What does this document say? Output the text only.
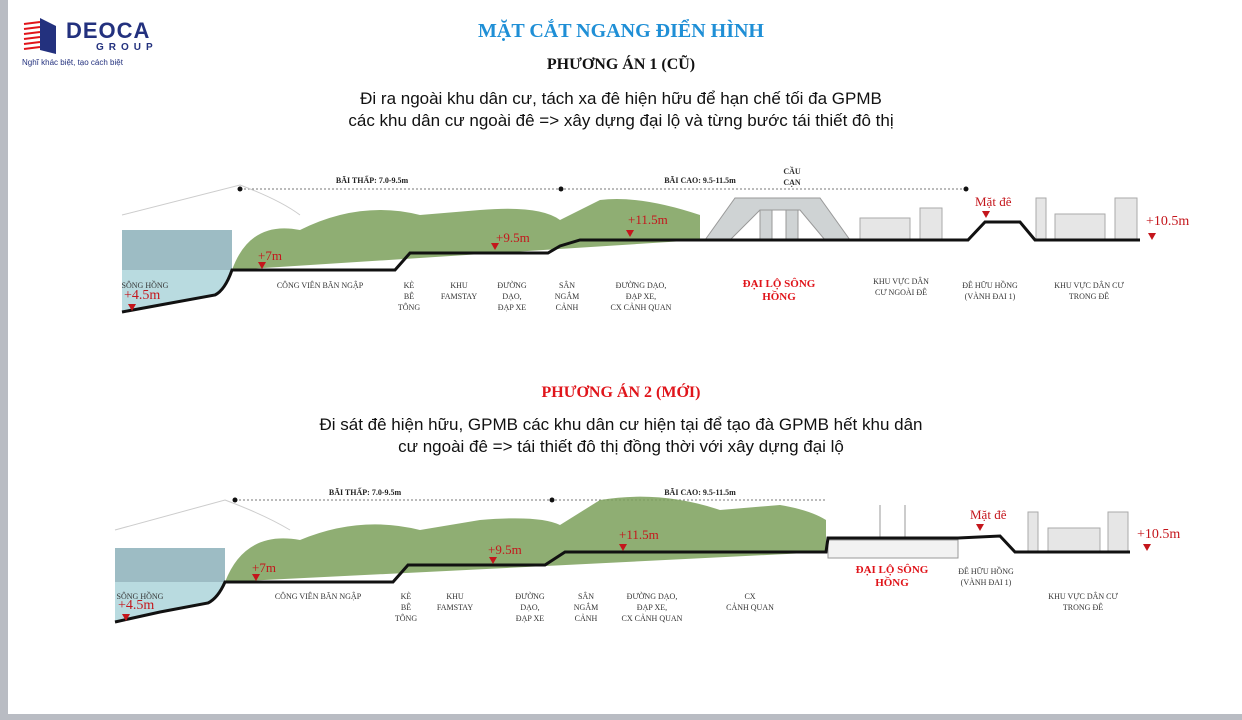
DEOCA
GROUP
Nghĩ khác biệt, tạo cách biệt
MẶT CẮT NGANG ĐIỂN HÌNH
PHƯƠNG ÁN 1 (CŨ)
Đi ra ngoài khu dân cư, tách xa đê hiện hữu để hạn chế tối đa GPMB
các khu dân cư ngoài đê => xây dựng đại lộ và từng bước tái thiết đô thị
BÃI THẤP: 7.0-9.5m	BÃI CAO: 9.5-11.5m
CẦU
CẠN
Mặt đê
+4.5m
+7m
+9.5m
+11.5m	+10.5m
SÔNG HỒNG	CÔNG VIÊN BÃN NGẬP	KÈ
BÊ
TÔNG
KHU
FAMSTAY
ĐƯỜNG
DẠO,
ĐẠP XE
SÂN
NGẮM
CẢNH
ĐƯỜNG DẠO,
ĐẠP XE,
CX CẢNH QUAN
ĐẠI LỘ SÔNG
HỒNG
KHU VỰC DÂN
CƯ NGOÀI ĐÊ
ĐÊ HỮU HỒNG
(VÀNH ĐAI 1)
KHU VỰC DÂN CƯ
TRONG ĐÊ
PHƯƠNG ÁN 2 (MỚI)
Đi sát đê hiện hữu, GPMB các khu dân cư hiện tại để tạo đà GPMB hết khu dân
cư ngoài đê => tái thiết đô thị đồng thời với xây dựng đại lộ
BÃI THẤP: 7.0-9.5m	BÃI CAO: 9.5-11.5m
Mặt đê
+4.5m
+7m
+9.5m
+11.5m	+10.5m
SÔNG HỒNG	CÔNG VIÊN BÃN NGẬP	KÈ
BÊ
TÔNG
KHU
FAMSTAY
ĐƯỜNG
DẠO,
ĐẠP XE
SÂN
NGẮM
CẢNH
ĐƯỜNG DẠO,
ĐẠP XE,
CX CẢNH QUAN
CX
CẢNH QUAN
ĐẠI LỘ SÔNG
HỒNG
ĐÊ HỮU HỒNG
(VÀNH ĐAI 1)
KHU VỰC DÂN CƯ
TRONG ĐÊ
